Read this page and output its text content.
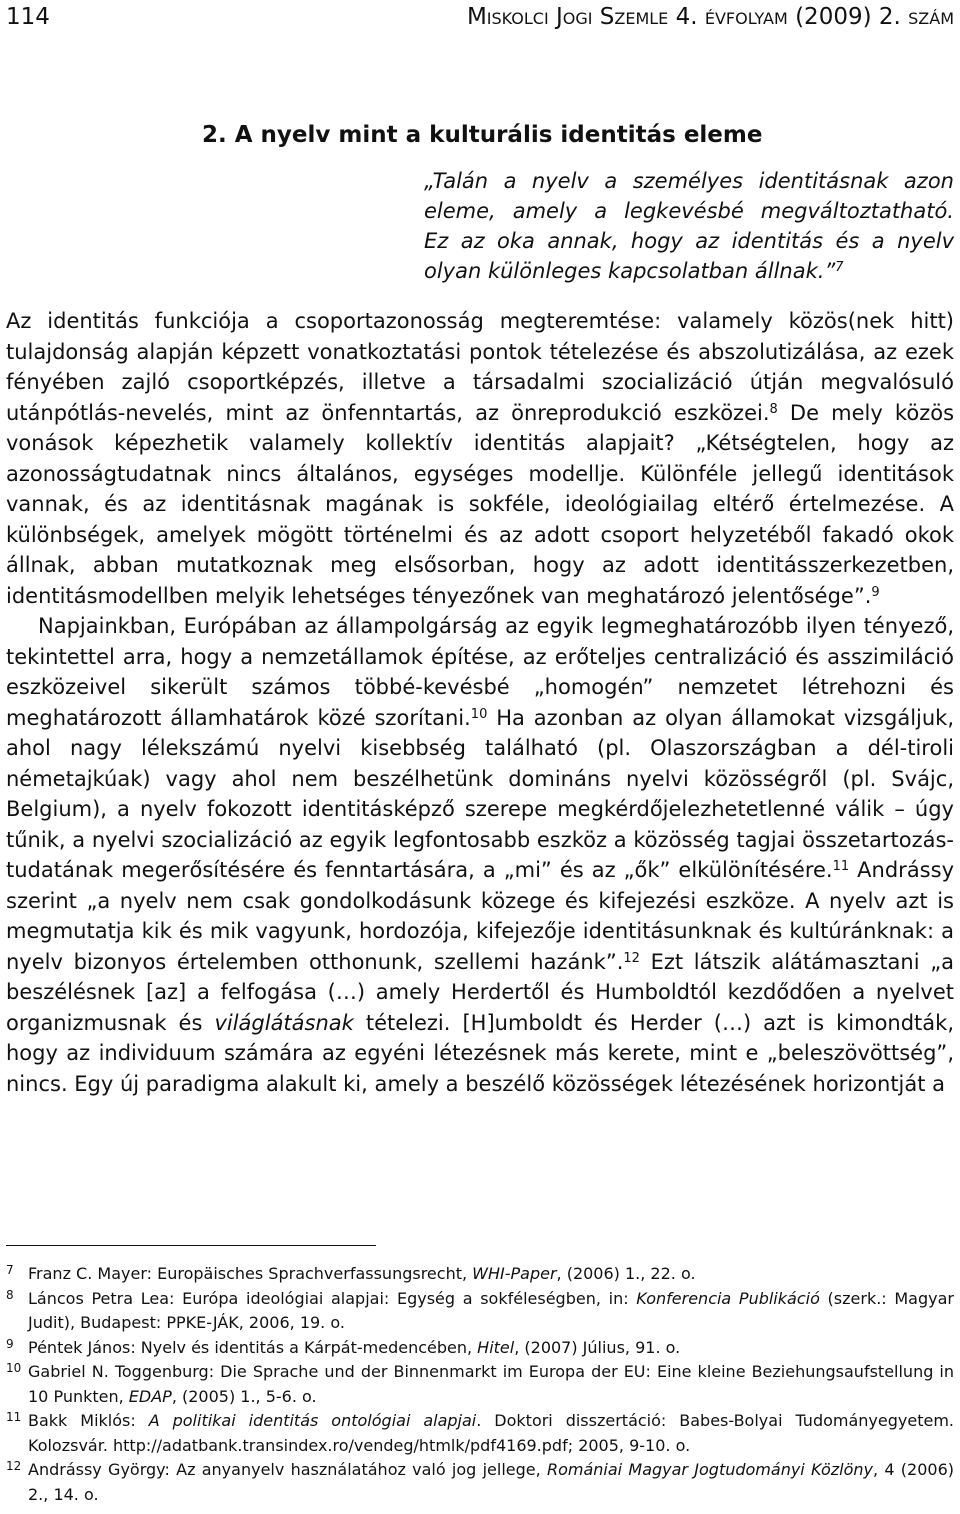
114	Miskolci Jogi Szemle 4. évfolyam (2009) 2. szám
2. A nyelv mint a kulturális identitás eleme
„Talán a nyelv a személyes identitásnak azon
eleme, amely a legkevésbé megváltoztatható.
Ez az oka annak, hogy az identitás és a nyelv
olyan különleges kapcsolatban állnak.”$^7$

Az identitás funkciója a csoportazonosság megteremtése: valamely közös(nek hitt) tulajdonság alapján képzett vonatkoztatási pontok tételezése és abszolutizálása, az ezek fényében zajló csoportképzés, illetve a társadalmi szocializáció útján megvalósuló utánpótlás-nevelés, mint az önfenntartás, az önreprodukció eszközei.$^8$ De mely közös vonások képezhetik valamely kollektív identitás alapjait? „Kétségtelen, hogy az azonosságtudatnak nincs általános, egységes modellje. Különféle jellegű identitások vannak, és az identitásnak magának is sokféle, ideológiailag eltérő értelmezése. A különbségek, amelyek mögött történelmi és az adott csoport helyzetéből fakadó okok állnak, abban mutatkoznak meg elsősorban, hogy az adott identitásszerkezetben, identitásmodellben melyik lehetséges tényezőnek van meghatározó jelentősége”.$^9$

Napjainkban, Európában az állampolgárság az egyik legmeghatározóbb ilyen tényező, tekintettel arra, hogy a nemzetállamok építése, az erőteljes centralizáció és asszimiláció eszközeivel sikerült számos többé-kevésbé „homogén” nemzetet létrehozni és meghatározott államhatárok közé szorítani.$^{10}$ Ha azonban az olyan államokat vizsgáljuk, ahol nagy lélekszámú nyelvi kisebbség található (pl. Olaszországban a dél-tiroli németajkúak) vagy ahol nem beszélhetünk domináns nyelvi közösségről (pl. Svájc, Belgium), a nyelv fokozott identitásképző szerepe megkérdőjelezhetetlenné válik – úgy tűnik, a nyelvi szocializáció az egyik legfontosabb eszköz a közösség tagjai összetartozás-tudatának megerősítésére és fenntartására, a „mi” és az „ők” elkülönítésére.$^{11}$ Andrássy szerint „a nyelv nem csak gondolkodásunk közege és kifejezési eszköze. A nyelv azt is megmutatja kik és mik vagyunk, hordozója, kifejezője identitásunknak és kultúránknak: a nyelv bizonyos értelemben otthonunk, szellemi hazánk”.$^{12}$ Ezt látszik alátámasztani „a beszélésnek [az] a felfogása (…) amely Herdertől és Humboldtól kezdődően a nyelvet organizmusnak és világlátásnak tételezi. [H]umboldt és Herder (…) azt is kimondták, hogy az individuum számára az egyéni létezésnek más kerete, mint e „beleszövöttség”, nincs. Egy új paradigma alakult ki, amely a beszélő közösségek létezésének horizontját a

7 Franz C. Mayer: Europäisches Sprachverfassungsrecht, WHI-Paper, (2006) 1., 22. o.
8 Láncos Petra Lea: Európa ideológiai alapjai: Egység a sokféleségben, in: Konferencia Publikáció (szerk.: Magyar Judit), Budapest: PPKE-JÁK, 2006, 19. o.
9 Péntek János: Nyelv és identitás a Kárpát-medencében, Hitel, (2007) Július, 91. o.
10 Gabriel N. Toggenburg: Die Sprache und der Binnenmarkt im Europa der EU: Eine kleine Beziehungsaufstellung in 10 Punkten, EDAP, (2005) 1., 5-6. o.
11 Bakk Miklós: A politikai identitás ontológiai alapjai. Doktori disszertáció: Babes-Bolyai Tudományegyetem. Kolozsvár. http://adatbank.transindex.ro/vendeg/htmlk/pdf4169.pdf; 2005, 9-10. o.
12 Andrássy György: Az anyanyelv használatához való jog jellege, Romániai Magyar Jogtudományi Közlöny, 4 (2006) 2., 14. o.
